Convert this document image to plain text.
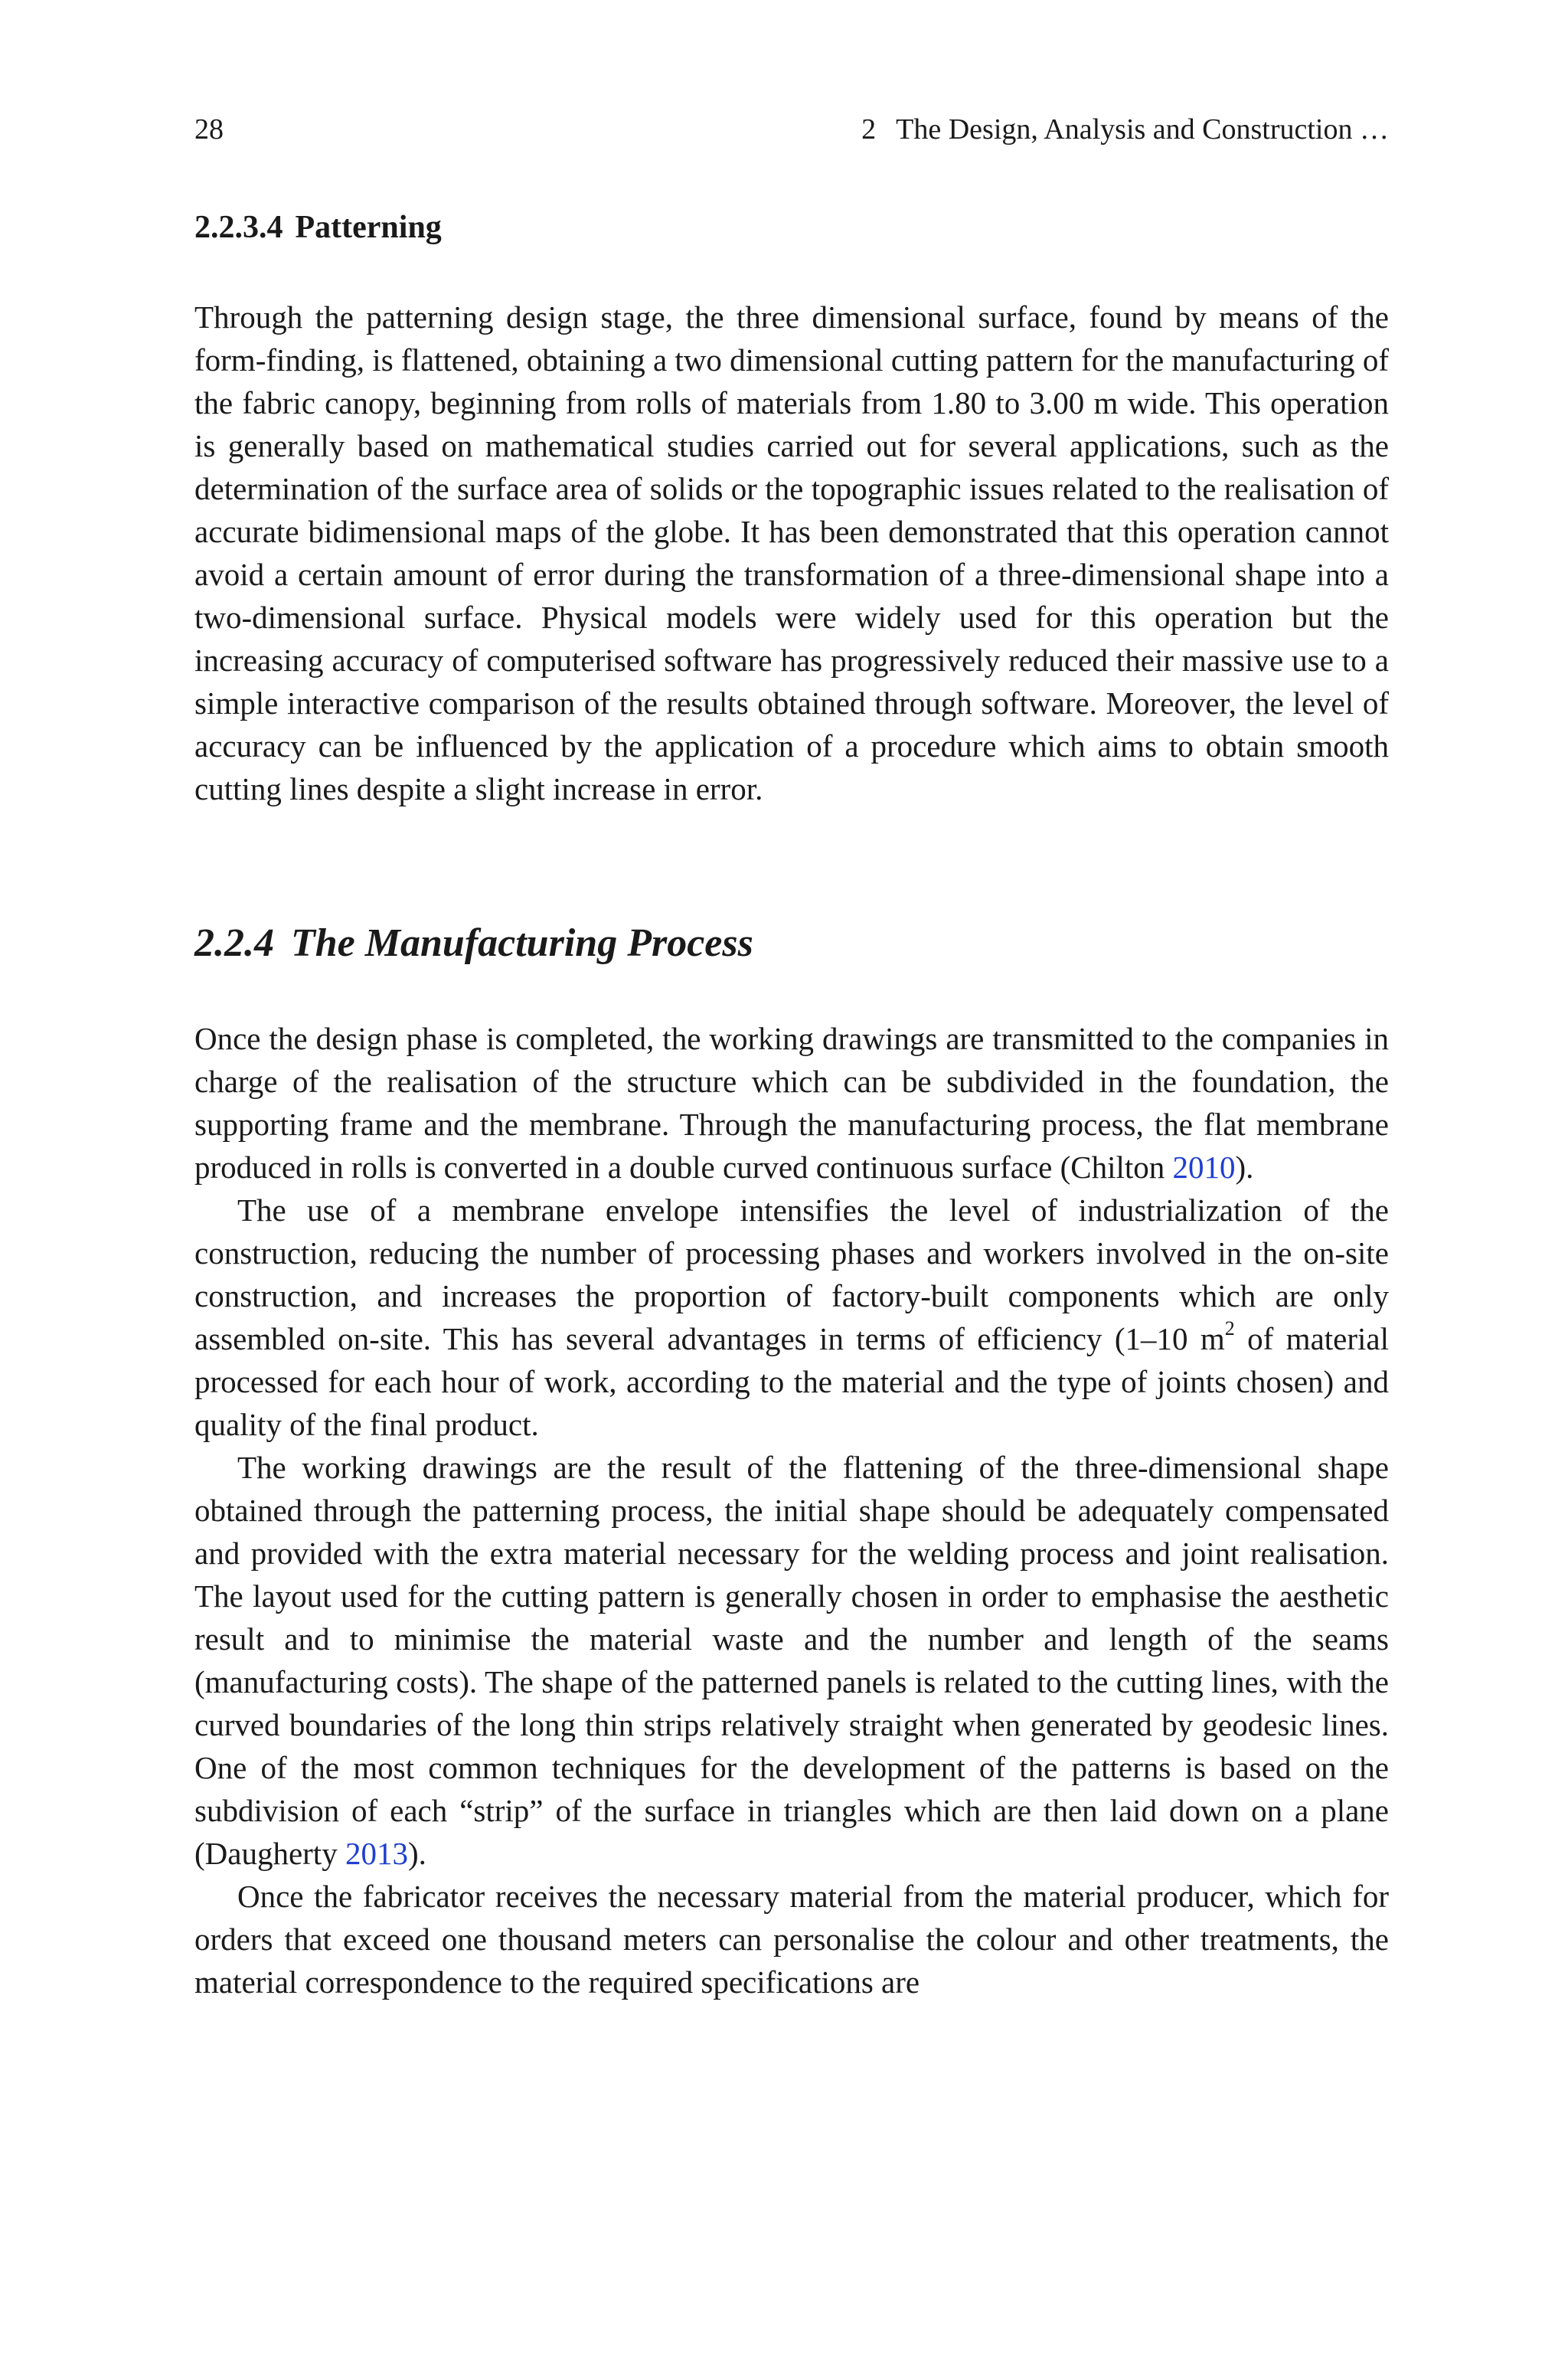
28	2 The Design, Analysis and Construction …
2.2.3.4 Patterning

Through the patterning design stage, the three dimensional surface, found by means of the form-finding, is flattened, obtaining a two dimensional cutting pattern for the manufacturing of the fabric canopy, beginning from rolls of materials from 1.80 to 3.00 m wide. This operation is generally based on mathematical studies carried out for several applications, such as the determination of the surface area of solids or the topographic issues related to the realisation of accurate bidimensional maps of the globe. It has been demonstrated that this operation cannot avoid a certain amount of error during the transformation of a three-dimensional shape into a two-dimensional surface. Physical models were widely used for this operation but the increasing accuracy of computerised software has progressively reduced their massive use to a simple interactive comparison of the results obtained through software. Moreover, the level of accuracy can be influenced by the application of a procedure which aims to obtain smooth cutting lines despite a slight increase in error.

2.2.4 The Manufacturing Process

Once the design phase is completed, the working drawings are transmitted to the companies in charge of the realisation of the structure which can be subdivided in the foundation, the supporting frame and the membrane. Through the manufacturing process, the flat membrane produced in rolls is converted in a double curved continuous surface (Chilton 2010).

The use of a membrane envelope intensifies the level of industrialization of the construction, reducing the number of processing phases and workers involved in the on-site construction, and increases the proportion of factory-built components which are only assembled on-site. This has several advantages in terms of efficiency (1–10 $m^2$ of material processed for each hour of work, according to the material and the type of joints chosen) and quality of the final product.

The working drawings are the result of the flattening of the three-dimensional shape obtained through the patterning process, the initial shape should be adequately compensated and provided with the extra material necessary for the welding process and joint realisation. The layout used for the cutting pattern is generally chosen in order to emphasise the aesthetic result and to minimise the material waste and the number and length of the seams (manufacturing costs). The shape of the patterned panels is related to the cutting lines, with the curved boundaries of the long thin strips relatively straight when generated by geodesic lines. One of the most common techniques for the development of the patterns is based on the subdivision of each “strip” of the surface in triangles which are then laid down on a plane (Daugherty 2013).

Once the fabricator receives the necessary material from the material producer, which for orders that exceed one thousand meters can personalise the colour and other treatments, the material correspondence to the required specifications are
